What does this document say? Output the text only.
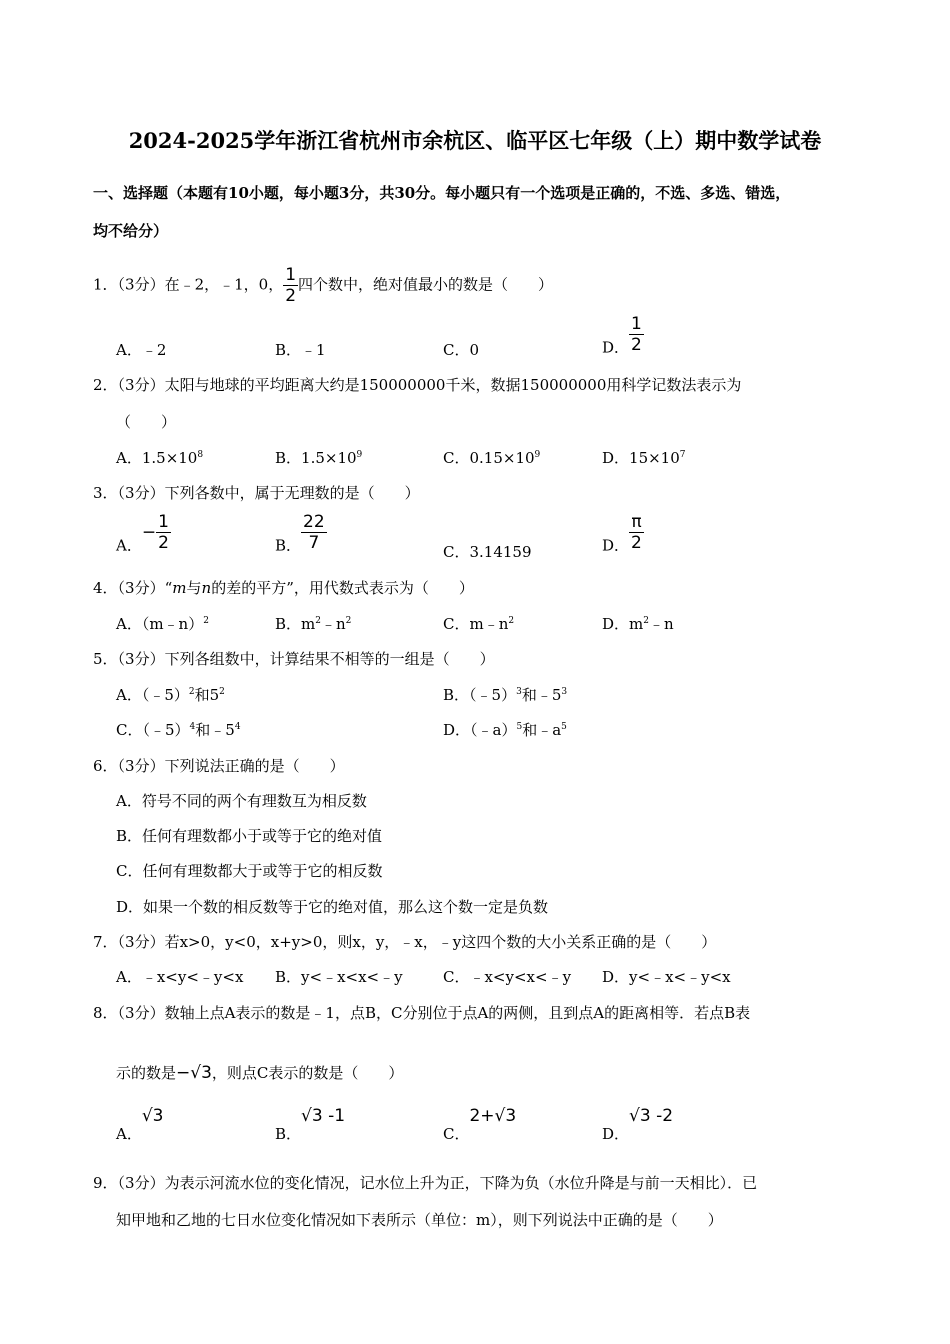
2024-2025学年浙江省杭州市余杭区、临平区七年级（上）期中数学试卷
一、选择题（本题有10小题，每小题3分，共30分。每小题只有一个选项是正确的，不选、多选、错选，
均不给分）
1．（3分）在﹣2，﹣1，0， $\frac{1}{2}$ 四个数中，绝对值最小的数是（　　）
A．﹣2	B．﹣1	C．0	D． $\frac{1}{2}$
2．（3分）太阳与地球的平均距离大约是150000000千米，数据150000000用科学记数法表示为
（　　）
A．$1.5\times 10^8$	B．$1.5\times 10^9$	C．$0.15\times 10^9$	D．$15\times 10^7$
3．（3分）下列各数中，属于无理数的是（　　）
A．− $\frac{1}{2}$	B． $\frac{22}{7}$	C．3.14159	D． $\frac{\pi}{2}$
4．（3分）“m与n的差的平方”，用代数式表示为（　　）
A．（m﹣n）$^2$	B．$m^2﹣n^2$	C．$m﹣n^2$	D．$m^2﹣n$
5．（3分）下列各组数中，计算结果不相等的一组是（　　）
A．（﹣5）$^2$和$5^2$	B．（﹣5）$^3$和$﹣5^3$
C．（﹣5）$^4$和$﹣5^4$	D．（﹣a）$^5$和$﹣a^5$
6．（3分）下列说法正确的是（　　）
A．符号不同的两个有理数互为相反数
B．任何有理数都小于或等于它的绝对值
C．任何有理数都大于或等于它的相反数
D．如果一个数的相反数等于它的绝对值，那么这个数一定是负数
7．（3分）若x>0，y<0，x+y>0，则x，y，﹣x，﹣y这四个数的大小关系正确的是（　　）
A．﹣x<y<﹣y<x B．y<﹣x<x<﹣y	C．﹣x<y<x<﹣y D．y<﹣x<﹣y<x
8．（3分）数轴上点A表示的数是﹣1，点B，C分别位于点A的两侧，且到点A的距离相等．若点B表
示的数是−√3，则点C表示的数是（　　）
A．√3
B．√3 -1
C．2+√3
D．√3 -2
9．（3分）为表示河流水位的变化情况，记水位上升为正，下降为负（水位升降是与前一天相比）．已
知甲地和乙地的七日水位变化情况如下表所示（单位：m），则下列说法中正确的是（　　）
